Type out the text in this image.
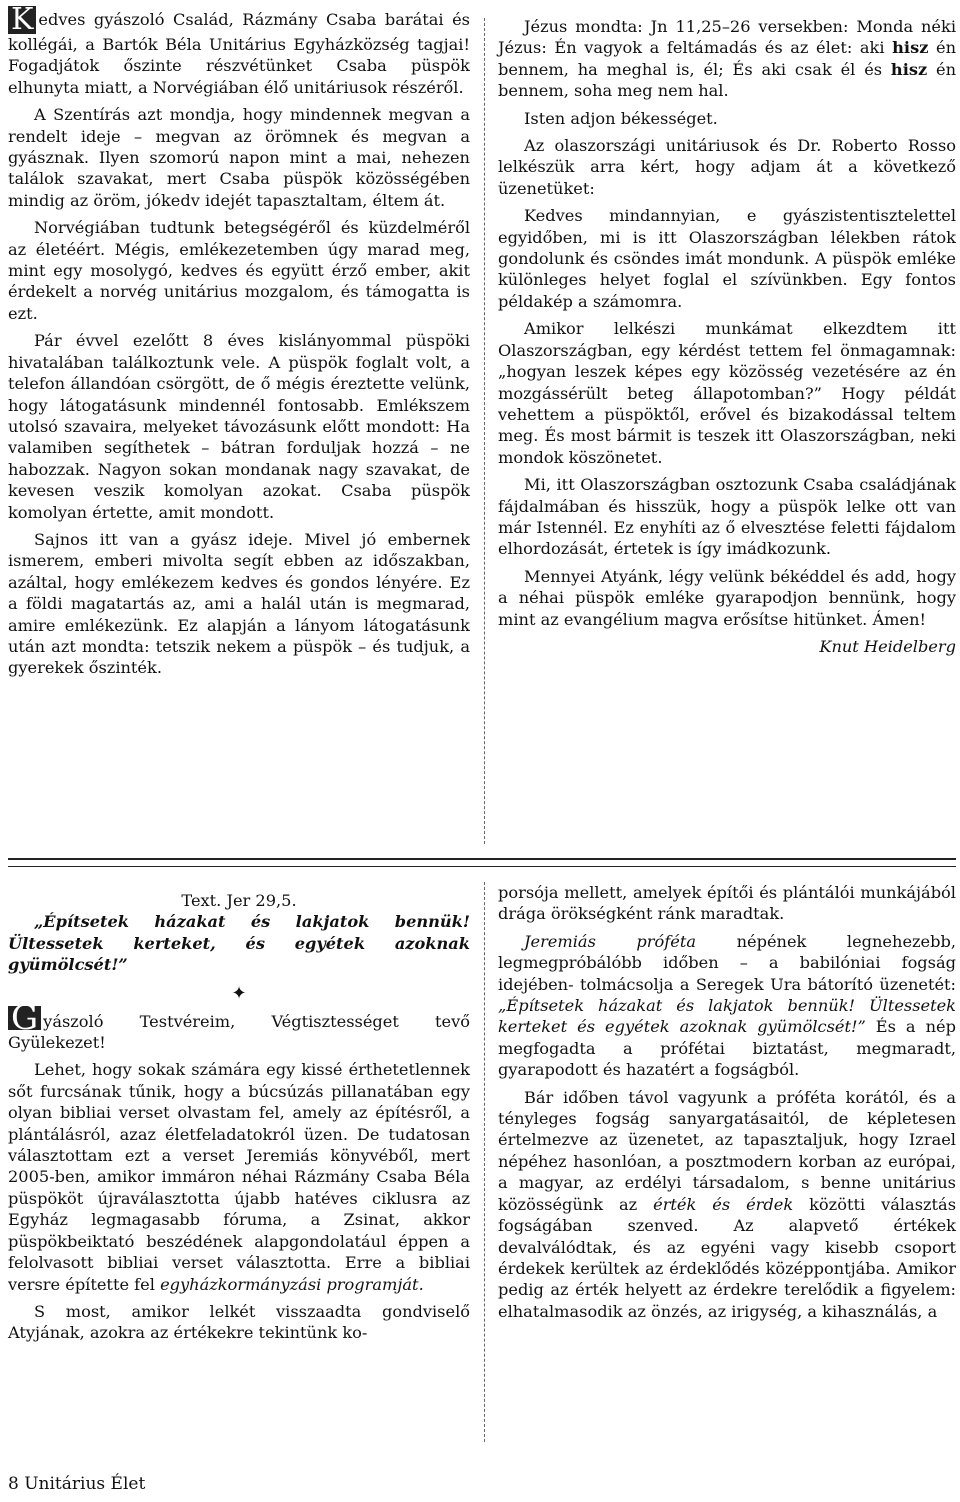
K edves gyászoló Család, Rázmány Csaba barátai és kollégái, a Bartók Béla Unitárius Egyházközség tagjai! Fogadjátok őszinte részvétünket Csaba püspök elhunyta miatt, a Norvégiában élő unitáriusok részéről.

A Szentírás azt mondja, hogy mindennek megvan a rendelt ideje – megvan az örömnek és megvan a gyásznak. Ilyen szomorú napon mint a mai, nehezen találok szavakat, mert Csaba püspök közösségében mindig az öröm, jókedv idejét tapasztaltam, éltem át.

Norvégiában tudtunk betegségéről és küzdelméről az életéért. Mégis, emlékezetemben úgy marad meg, mint egy mosolygó, kedves és együtt érző ember, akit érdekelt a norvég unitárius mozgalom, és támogatta is ezt.

Pár évvel ezelőtt 8 éves kislányommal püspöki hivatalában találkoztunk vele. A püspök foglalt volt, a telefon állandóan csörgött, de ő mégis éreztette velünk, hogy látogatásunk mindennél fontosabb. Emlékszem utolsó szavaira, melyeket távozásunk előtt mondott: Ha valamiben segíthetek – bátran forduljak hozzá – ne habozzak. Nagyon sokan mondanak nagy szavakat, de kevesen veszik komolyan azokat. Csaba püspök komolyan értette, amit mondott.

Sajnos itt van a gyász ideje. Mivel jó embernek ismerem, emberi mivolta segít ebben az időszakban, azáltal, hogy emlékezem kedves és gondos lényére. Ez a földi magatartás az, ami a halál után is megmarad, amire emlékezünk. Ez alapján a lányom látogatásunk után azt mondta: tetszik nekem a püspök – és tudjuk, a gyerekek őszinték.

Jézus mondta: Jn 11,25–26 versekben: Monda néki Jézus: Én vagyok a feltámadás és az élet: aki hisz én bennem, ha meghal is, él; És aki csak él és hisz én bennem, soha meg nem hal.

Isten adjon békességet.

Az olaszországi unitáriusok és Dr. Roberto Rosso lelkészük arra kért, hogy adjam át a következő üzenetüket:

Kedves mindannyian, e gyászistentisztelettel egyidőben, mi is itt Olaszországban lélekben rátok gondolunk és csöndes imát mondunk. A püspök emléke különleges helyet foglal el szívünkben. Egy fontos példakép a számomra.

Amikor lelkészi munkámat elkezdtem itt Olaszországban, egy kérdést tettem fel önmagamnak: „hogyan leszek képes egy közösség vezetésére az én mozgássérült beteg állapotomban?” Hogy példát vehettem a püspöktől, erővel és bizakodással teltem meg. És most bármit is teszek itt Olaszországban, neki mondok köszönetet.

Mi, itt Olaszországban osztozunk Csaba családjának fájdalmában és hisszük, hogy a püspök lelke ott van már Istennél. Ez enyhíti az ő elvesztése feletti fájdalom elhordozását, értetek is így imádkozunk.

Mennyei Atyánk, légy velünk békéddel és add, hogy a néhai püspök emléke gyarapodjon bennünk, hogy mint az evangélium magva erősítse hitünket. Ámen!

Knut Heidelberg
Text. Jer 29,5.

„Építsetek házakat és lakjatok bennük! Ültessetek kerteket, és egyétek azoknak gyümölcsét!”

✦

G yászoló Testvéreim, Végtisztességet tevő Gyülekezet!

Lehet, hogy sokak számára egy kissé érthetetlennek sőt furcsának tűnik, hogy a búcsúzás pillanatában egy olyan bibliai verset olvastam fel, amely az építésről, a plántálásról, azaz életfeladatokról üzen. De tudatosan választottam ezt a verset Jeremiás könyvéből, mert 2005-ben, amikor immáron néhai Rázmány Csaba Béla püspököt újraválasztotta újabb hatéves ciklusra az Egyház legmagasabb fóruma, a Zsinat, akkor püspökbeiktató beszédének alapgondolatául éppen a felolvasott bibliai verset választotta. Erre a bibliai versre építette fel egyházkormányzási programját.

S most, amikor lelkét visszaadta gondviselő Atyjának, azokra az értékekre tekintünk ko-

porsója mellett, amelyek építői és plántálói munkájából drága örökségként ránk maradtak.

Jeremiás próféta népének legnehezebb, legmegpróbálóbb időben – a babilóniai fogság idejében- tolmácsolja a Seregek Ura bátorító üzenetét: „Építsetek házakat és lakjatok bennük! Ültessetek kerteket és egyétek azoknak gyümölcsét!” És a nép megfogadta a prófétai biztatást, megmaradt, gyarapodott és hazatért a fogságból.

Bár időben távol vagyunk a próféta korától, és a tényleges fogság sanyargatásaitól, de képletesen értelmezve az üzenetet, az tapasztaljuk, hogy Izrael népéhez hasonlóan, a posztmodern korban az európai, a magyar, az erdélyi társadalom, s benne unitárius közösségünk az érték és érdek közötti választás fogságában szenved. Az alapvető értékek devalválódtak, és az egyéni vagy kisebb csoport érdekek kerültek az érdeklődés középpontjába. Amikor pedig az érték helyett az érdekre terelődik a figyelem: elhatalmasodik az önzés, az irigység, a kihasználás, a

8 Unitárius Élet
